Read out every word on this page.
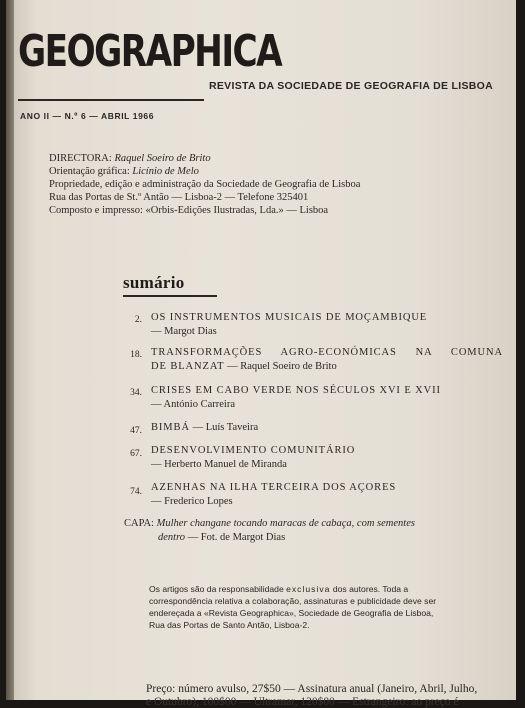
GEOGRAPHICA
REVISTA DA SOCIEDADE DE GEOGRAFIA DE LISBOA
ANO II — N.º 6 — ABRIL 1966
DIRECTORA: Raquel Soeiro de Brito
Orientação gráfica: Licínio de Melo
Propriedade, edição e administração da Sociedade de Geografia de Lisboa
Rua das Portas de St.º Antão — Lisboa-2 — Telefone 325401
Composto e impresso: «Orbis-Edições Ilustradas, Lda.» — Lisboa
sumário
2. OS INSTRUMENTOS MUSICAIS DE MOÇAMBIQUE
— Margot Dias
18. TRANSFORMAÇÕES AGRO-ECONÓMICAS NA COMUNA
DE BLANZAT — Raquel Soeiro de Brito
34. CRISES EM CABO VERDE NOS SÉCULOS XVI E XVII
— António Carreira
47. BIMBÁ — Luís Taveira
67. DESENVOLVIMENTO COMUNITÁRIO
— Herberto Manuel de Miranda
74. AZENHAS NA ILHA TERCEIRA DOS AÇORES
— Frederico Lopes
CAPA: Mulher changane tocando maracas de cabaça, com sementes
dentro — Fot. de Margot Dias
Os artigos são da responsabilidade exclusiva dos autores. Toda a
correspondência relativa a colaboração, assinaturas e publicidade deve ser
endereçada a «Revista Geographica», Sociedade de Geografia de Lisboa,
Rua das Portas de Santo Antão, Lisboa-2.
Preço: número avulso, 27$50 — Assinatura anual (Janeiro, Abril, Julho,
e Outubro), 100$00 — Ultramar, 120$00 — Estrangeiro: ao preço é
